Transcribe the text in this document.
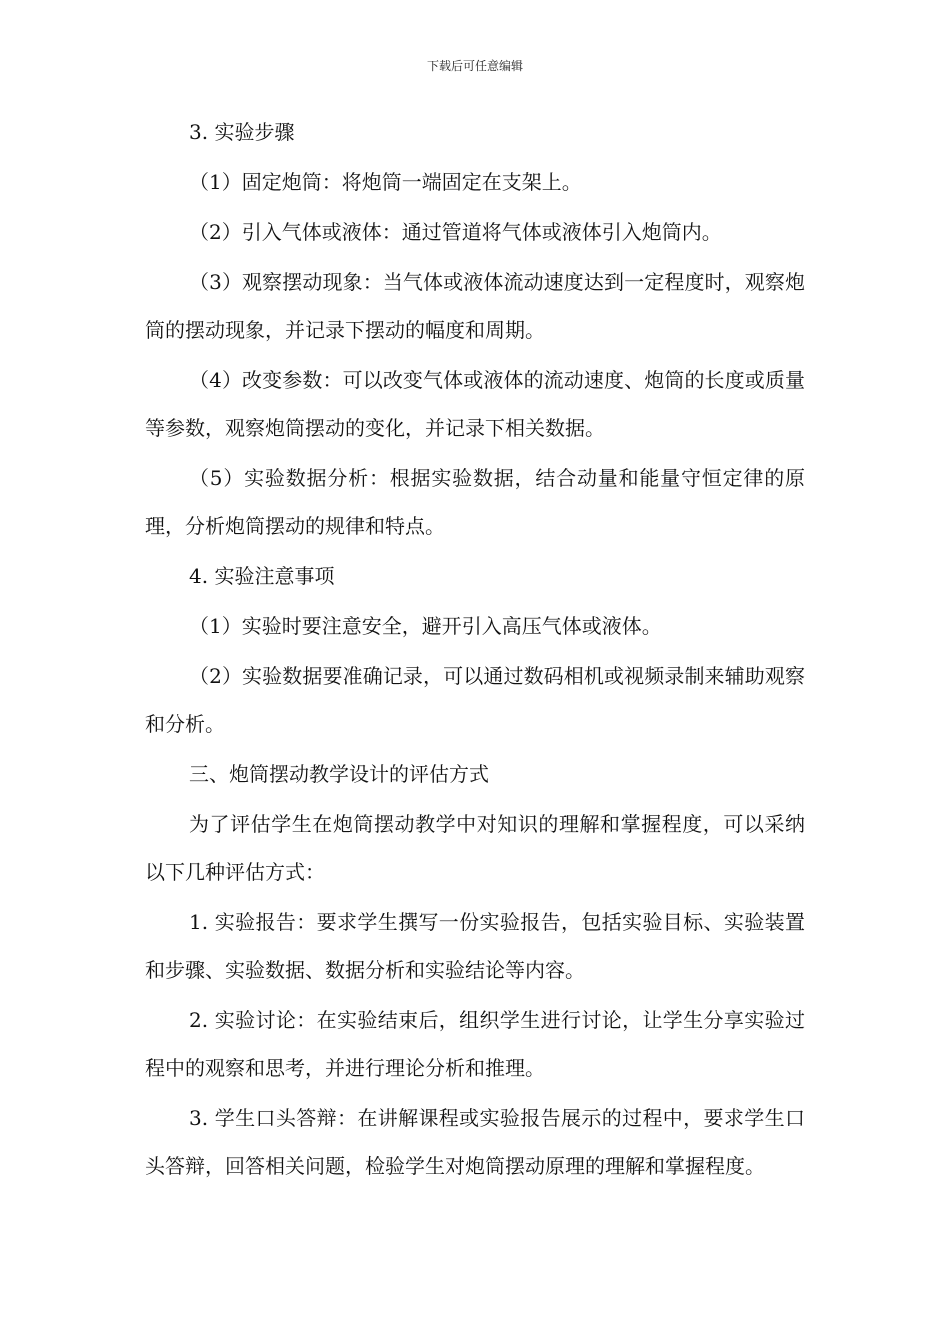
下载后可任意编辑

3. 实验步骤

（1）固定炮筒：将炮筒一端固定在支架上。

（2）引入气体或液体：通过管道将气体或液体引入炮筒内。

（3）观察摆动现象：当气体或液体流动速度达到一定程度时，观察炮筒的摆动现象，并记录下摆动的幅度和周期。

（4）改变参数：可以改变气体或液体的流动速度、炮筒的长度或质量等参数，观察炮筒摆动的变化，并记录下相关数据。

（5）实验数据分析：根据实验数据，结合动量和能量守恒定律的原理，分析炮筒摆动的规律和特点。

4. 实验注意事项

（1）实验时要注意安全，避开引入高压气体或液体。

（2）实验数据要准确记录，可以通过数码相机或视频录制来辅助观察和分析。

三、炮筒摆动教学设计的评估方式

为了评估学生在炮筒摆动教学中对知识的理解和掌握程度，可以采纳以下几种评估方式：

1. 实验报告：要求学生撰写一份实验报告，包括实验目标、实验装置和步骤、实验数据、数据分析和实验结论等内容。

2. 实验讨论：在实验结束后，组织学生进行讨论，让学生分享实验过程中的观察和思考，并进行理论分析和推理。

3. 学生口头答辩：在讲解课程或实验报告展示的过程中，要求学生口头答辩，回答相关问题，检验学生对炮筒摆动原理的理解和掌握程度。
